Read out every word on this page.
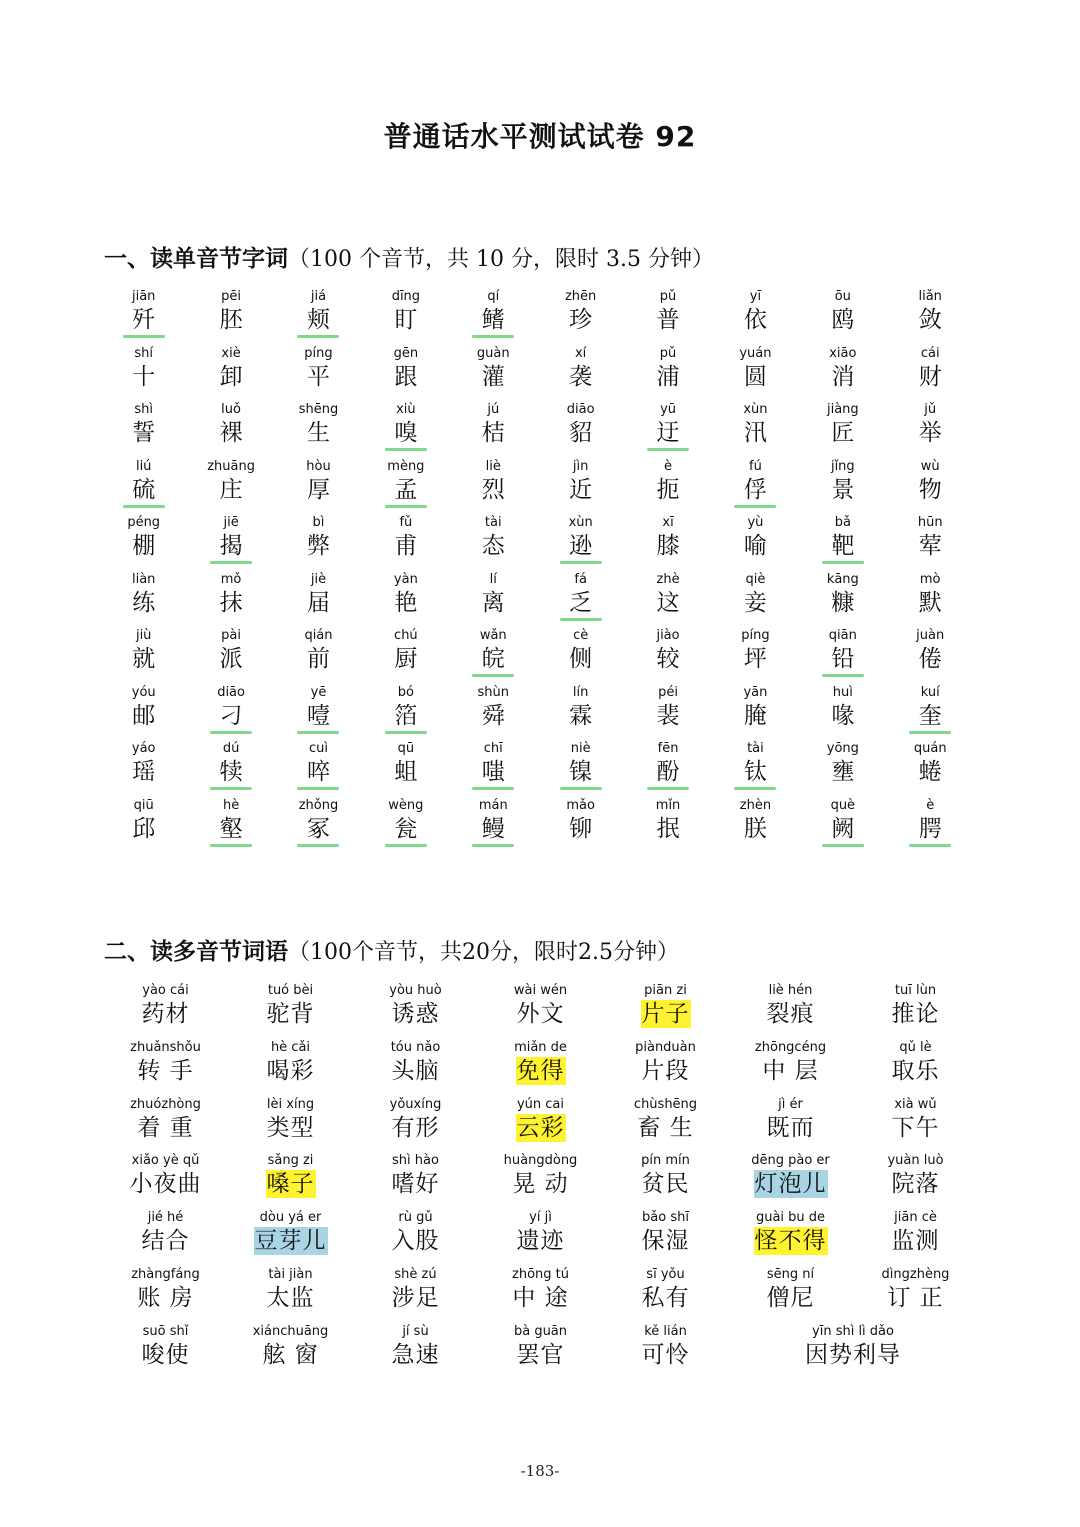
普通话水平测试试卷 92
一、读单音节字词（100 个音节，共 10 分，限时 3.5 分钟）
jiān
歼
pēi
胚
jiá
颊
dīng
盯
qí
鳍
zhēn
珍
pǔ
普
yī
依
ōu
鸥
liǎn
敛
shí
十
xiè
卸
píng
平
gēn
跟
guàn
灌
xí
袭
pǔ
浦
yuán
圆
xiāo
消
cái
财
shì
誓
luǒ
裸
shēng
生
xiù
嗅
jú
桔
diāo
貂
yū
迂
xùn
汛
jiàng
匠
jǔ
举
liú
硫
zhuāng
庄
hòu
厚
mèng
孟
liè
烈
jìn
近
è
扼
fú
俘
jǐng
景
wù
物
péng
棚
jiē
揭
bì
弊
fǔ
甫
tài
态
xùn
逊
xī
膝
yù
喻
bǎ
靶
hūn
荤
liàn
练
mǒ
抹
jiè
届
yàn
艳
lí
离
fá
乏
zhè
这
qiè
妾
kāng
糠
mò
默
jiù
就
pài
派
qián
前
chú
厨
wǎn
皖
cè
侧
jiào
较
píng
坪
qiān
铅
juàn
倦
yóu
邮
diāo
刁
yē
噎
bó
箔
shùn
舜
lín
霖
péi
裴
yān
腌
huì
喙
kuí
奎
yáo
瑶
dú
犊
cuì
啐
qū
蛆
chī
嗤
niè
镍
fēn
酚
tài
钛
yōng
壅
quán
蜷
qiū
邱
hè
壑
zhǒng
冢
wèng
瓮
mán
鳗
mǎo
铆
mǐn
抿
zhèn
朕
què
阙
è
腭
二、读多音节词语（100个音节，共20分，限时2.5分钟）
yào cái
药材
tuó bèi
驼背
yòu huò
诱惑
wài wén
外文
piān zi
片子
liè hén
裂痕
tuī lùn
推论
zhuǎnshǒu
转 手
hè cǎi
喝彩
tóu nǎo
头脑
miǎn de
免得
piànduàn
片段
zhōngcéng
中 层
qǔ lè
取乐
zhuózhòng
着 重
lèi xíng
类型
yǒuxíng
有形
yún cai
云彩
chùshēng
畜 生
jì ér
既而
xià wǔ
下午
xiǎo yè qǔ
小夜曲
sǎng zi
嗓子
shì hào
嗜好
huàngdòng
晃 动
pín mín
贫民
dēng pào er
灯泡儿
yuàn luò
院落
jié hé
结合
dòu yá er
豆芽儿
rù gǔ
入股
yí jì
遗迹
bǎo shī
保湿
guài bu de
怪不得
jiān cè
监测
zhàngfáng
账 房
tài jiàn
太监
shè zú
涉足
zhōng tú
中 途
sī yǒu
私有
sēng ní
僧尼
dìngzhèng
订 正
suō shǐ
唆使
xiánchuāng
舷 窗
jí sù
急速
bà guān
罢官
kě lián
可怜
yīn shì lì dǎo
因势利导
-183-
